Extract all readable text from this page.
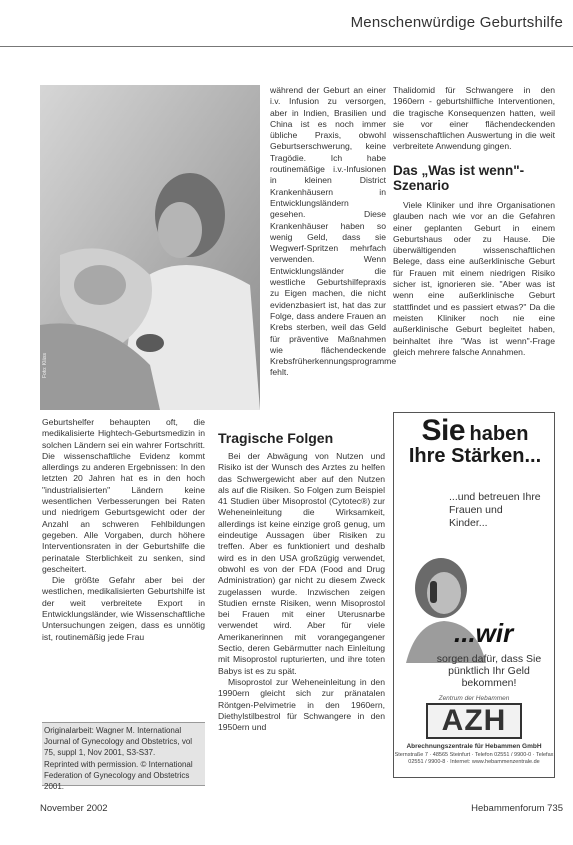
Menschenwürdige Geburtshilfe
Foto: Kläss

Geburtshelfer behaupten oft, die medikalisierte Hightech-Geburtsmedizin in solchen Ländern sei ein wahrer Fortschritt. Die wissenschaftliche Evidenz kommt allerdings zu anderen Ergebnissen: In den letzten 20 Jahren hat es in den hoch "industrialisierten" Ländern keine wesentlichen Verbesserungen bei Raten und niedrigem Geburtsgewicht oder der Anzahl an schweren Fehlbildungen gegeben. Alle Vorgaben, durch höhere Interventionsraten in der Geburtshilfe die perinatale Sterblichkeit zu senken, sind gescheitert.

Die größte Gefahr aber bei der westlichen, medikalisierten Geburtshilfe ist der weit verbreitete Export in Entwicklungsländer, wie Wissenschaftliche Untersuchungen zeigen, dass es unnötig ist, routinemäßig jede Frau

Originalarbeit: Wagner M. International Journal of Gynecology and Obstetrics, vol 75, suppl 1, Nov 2001, S3-S37.

Reprinted with permission. © International Federation of Gynecology and Obstetrics 2001.

während der Geburt an einer i.v. Infusion zu versorgen, aber in Indien, Brasilien und China ist es noch immer übliche Praxis, obwohl Geburtserschwerung, keine Tragödie. Ich habe routinemäßige i.v.-Infusionen in kleinen District Krankenhäusern in Entwicklungsländern gesehen. Diese Krankenhäuser haben so wenig Geld, dass sie Wegwerf-Spritzen mehrfach verwenden. Wenn Entwicklungsländer die westliche Geburtshilfepraxis zu Eigen machen, die nicht evidenzbasiert ist, hat das zur Folge, dass andere Frauen an Krebs sterben, weil das Geld für präventive Maßnahmen wie flächendeckende Krebsfrüherkennungsprogramme fehlt.

Tragische Folgen

Bei der Abwägung von Nutzen und Risiko ist der Wunsch des Arztes zu helfen das Schwergewicht aber auf den Nutzen als auf die Risiken. So Folgen zum Beispiel 41 Studien über Misoprostol (Cytotec®) zur Weheneinleitung die Wirksamkeit, allerdings ist keine einzige groß genug, um eindeutige Aussagen über Risiken zu treffen. Aber es funktioniert und deshalb wird es in den USA großzügig verwendet, obwohl es von der FDA (Food and Drug Administration) gar nicht zu diesem Zweck zugelassen wurde. Inzwischen zeigen Studien ernste Risiken, wenn Misoprostol bei Frauen mit einer Uterusnarbe verwendet wird. Aber für viele Amerikanerinnen mit vorangegangener Sectio, deren Gebärmutter nach Einleitung mit Misoprostol rupturierten, und ihre toten Babys ist es zu spät.

Misoprostol zur Weheneinleitung in den 1990ern gleicht sich zur pränatalen Röntgen-Pelvimetrie in den 1960ern, Diethylstilbestrol für Schwangere in den 1950ern und

Thalidomid für Schwangere in den 1960ern - geburtshilfliche Interventionen, die tragische Konsequenzen hatten, weil sie vor einer flächendeckenden wissenschaftlichen Auswertung in die weit verbreitete Anwendung gingen.

Das „Was ist wenn"-Szenario

Viele Kliniker und ihre Organisationen glauben nach wie vor an die Gefahren einer geplanten Geburt in einem Geburtshaus oder zu Hause. Die überwältigenden wissenschaftlichen Belege, dass eine außerklinische Geburt für Frauen mit einem niedrigen Risiko sicher ist, ignorieren sie. "Aber was ist wenn eine außerklinische Geburt stattfindet und es passiert etwas?" Da die meisten Kliniker noch nie eine außerklinische Geburt begleitet haben, beinhaltet ihre "Was ist wenn"-Frage gleich mehrere falsche Annahmen.

Sie haben
Ihre Stärken...
...und betreuen Ihre Frauen und Kinder...
...wir
sorgen dafür, dass Sie pünktlich Ihr Geld bekommen!
Zentrum der Hebammen
AZH
Abrechnungszentrale für Hebammen GmbH
Sternstraße 7 · 48565 Steinfurt · Telefon 02551 / 9900-0 · Telefax 02551 / 9900-8 · Internet: www.hebammenzentrale.de
November 2002	Hebammenforum 735
